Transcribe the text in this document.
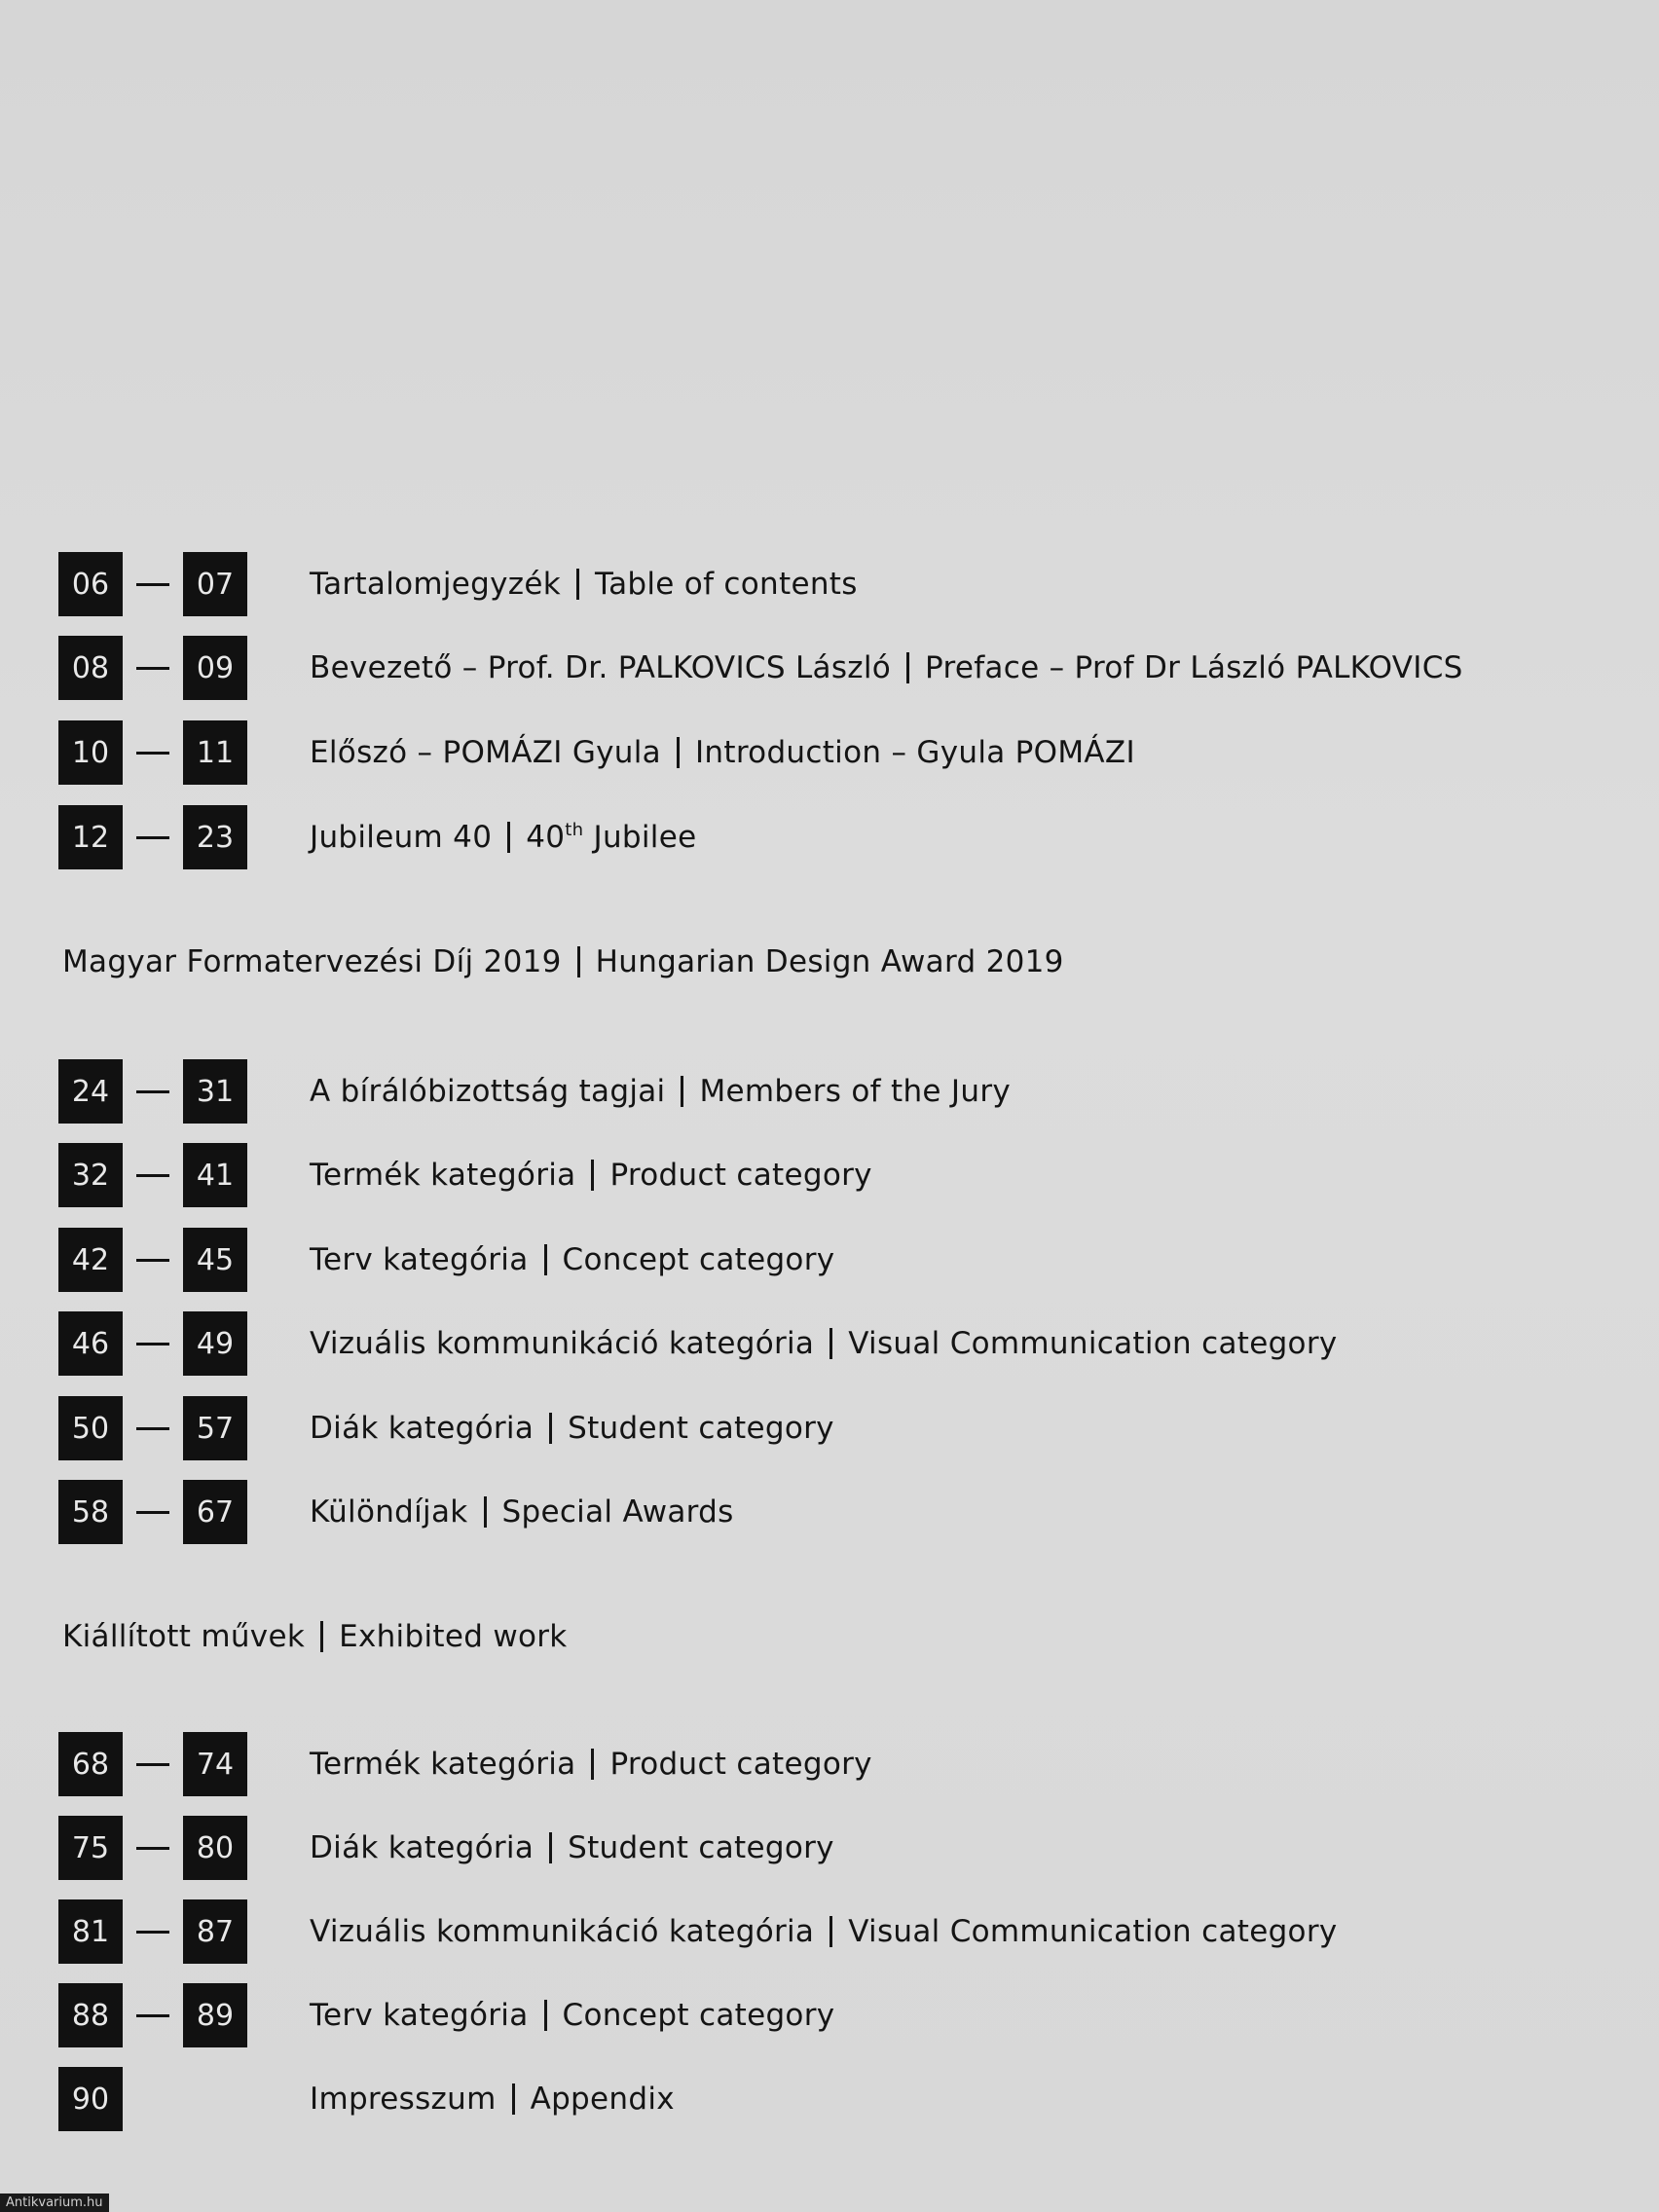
06	07	Tartalomjegyzék Table of contents
08	09	Bevezető – Prof. Dr. PALKOVICS László Preface – Prof Dr László PALKOVICS
10	11	Előszó – POMÁZI Gyula Introduction – Gyula POMÁZI
12	23	Jubileum 40 40th Jubilee
Magyar Formatervezési Díj 2019 Hungarian Design Award 2019
24	31	A bírálóbizottság tagjai Members of the Jury
32	41	Termék kategória Product category
42	45	Terv kategória Concept category
46	49	Vizuális kommunikáció kategória Visual Communication category
50	57	Diák kategória Student category
58	67	Különdíjak Special Awards
Kiállított művek Exhibited work
68	74	Termék kategória Product category
75	80	Diák kategória Student category
81	87	Vizuális kommunikáció kategória Visual Communication category
88	89	Terv kategória Concept category
90	Impresszum Appendix
Antikvarium.hu
